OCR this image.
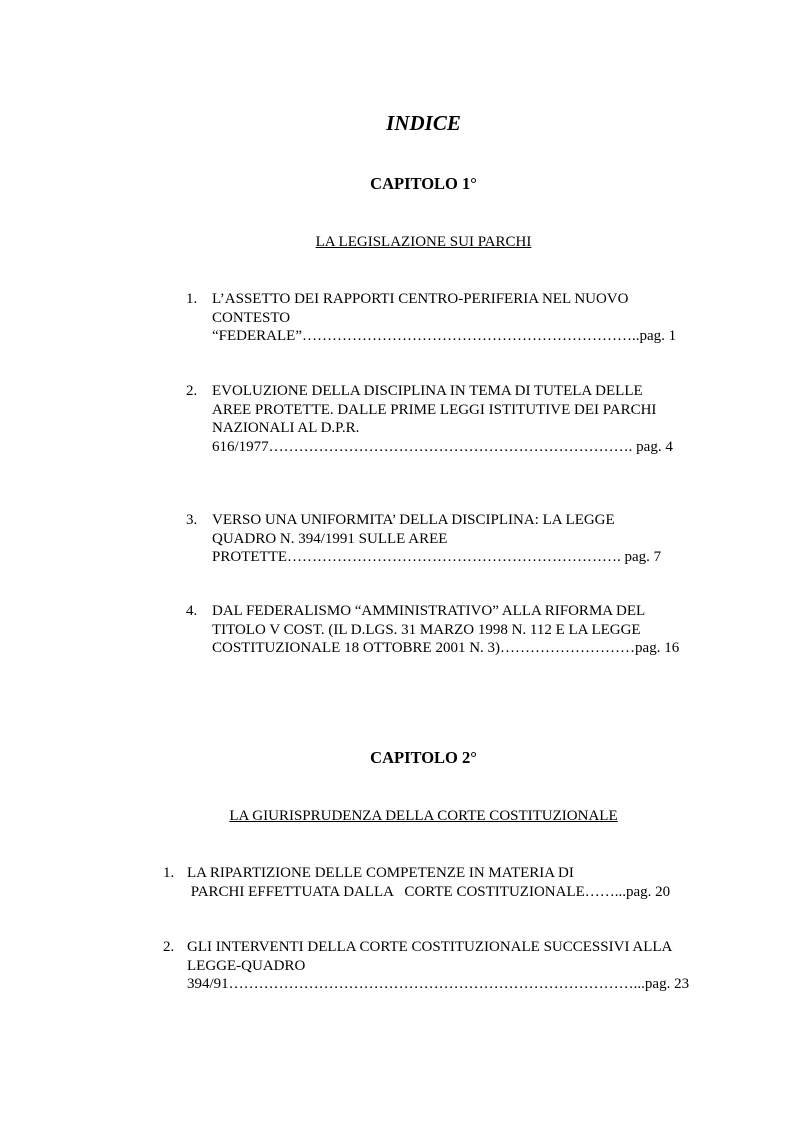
INDICE
CAPITOLO 1°
LA LEGISLAZIONE SUI PARCHI
1. L’ASSETTO DEI RAPPORTI CENTRO-PERIFERIA NEL NUOVO
CONTESTO
“FEDERALE”…………………………………………………………..pag. 1
2. EVOLUZIONE DELLA DISCIPLINA IN TEMA DI TUTELA DELLE
AREE PROTETTE. DALLE PRIME LEGGI ISTITUTIVE DEI PARCHI
NAZIONALI AL D.P.R.
616/1977………………………………………………………………. pag. 4
3. VERSO UNA UNIFORMITA’ DELLA DISCIPLINA: LA LEGGE
QUADRO N. 394/1991 SULLE AREE
PROTETTE…………………………………………………………. pag. 7
4. DAL FEDERALISMO “AMMINISTRATIVO” ALLA RIFORMA DEL
TITOLO V COST. (IL D.LGS. 31 MARZO 1998 N. 112 E LA LEGGE
COSTITUZIONALE 18 OTTOBRE 2001 N. 3)………………………pag. 16
CAPITOLO 2°
LA GIURISPRUDENZA DELLA CORTE COSTITUZIONALE
1. LA RIPARTIZIONE DELLE COMPETENZE IN MATERIA DI
PARCHI EFFETTUATA DALLA   CORTE COSTITUZIONALE……...pag. 20
2. GLI INTERVENTI DELLA CORTE COSTITUZIONALE SUCCESSIVI ALLA
LEGGE-QUADRO
394/91………………………………………………………………………...pag. 23
